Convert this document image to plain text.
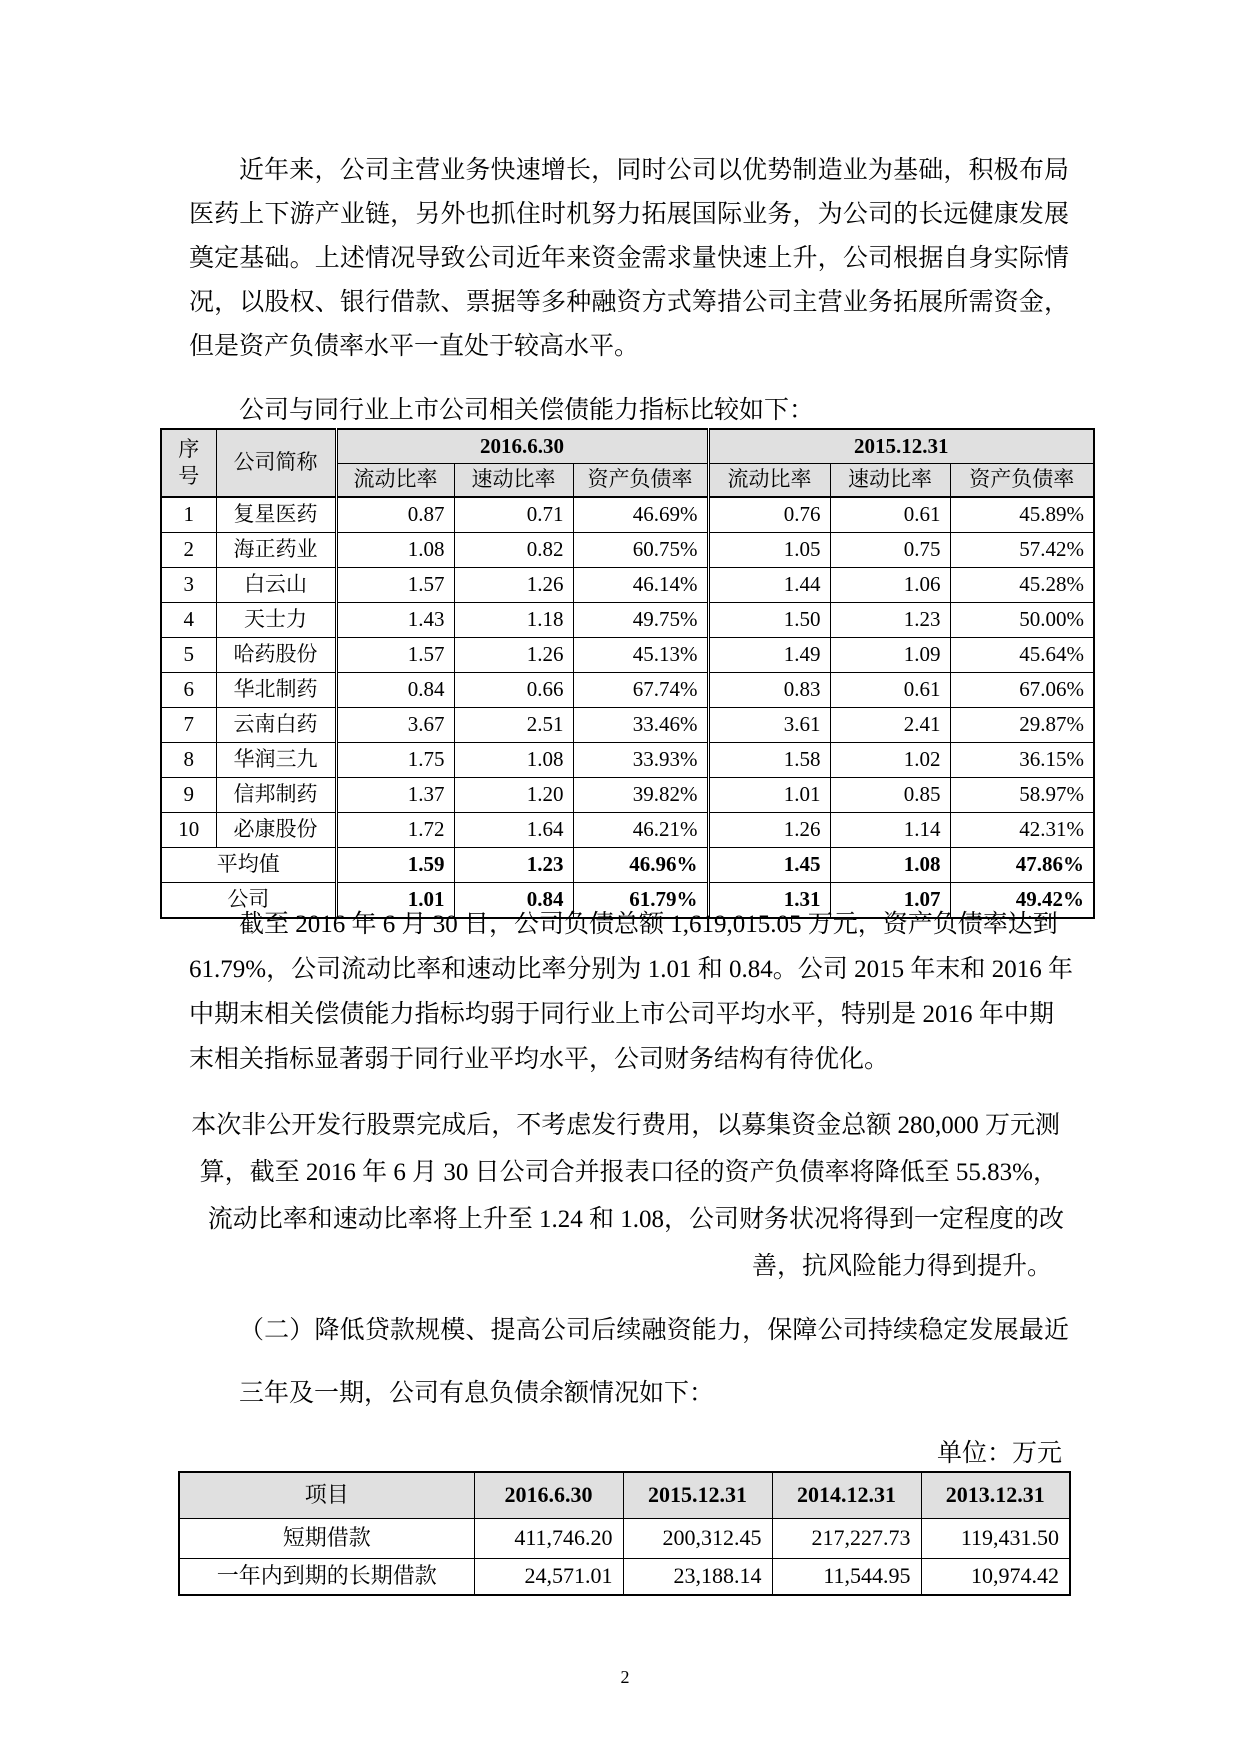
近年来，公司主营业务快速增长，同时公司以优势制造业为基础，积极布局
医药上下游产业链，另外也抓住时机努力拓展国际业务，为公司的长远健康发展
奠定基础。上述情况导致公司近年来资金需求量快速上升，公司根据自身实际情
况，以股权、银行借款、票据等多种融资方式筹措公司主营业务拓展所需资金，
但是资产负债率水平一直处于较高水平。
公司与同行业上市公司相关偿债能力指标比较如下：
序号	公司简称	2016.6.30			2015.12.31		
		流动比率	速动比率	资产负债率	流动比率	速动比率	资产负债率
1	复星医药	0.87	0.71	46.69%	0.76	0.61	45.89%
2	海正药业	1.08	0.82	60.75%	1.05	0.75	57.42%
3	白云山	1.57	1.26	46.14%	1.44	1.06	45.28%
4	天士力	1.43	1.18	49.75%	1.50	1.23	50.00%
5	哈药股份	1.57	1.26	45.13%	1.49	1.09	45.64%
6	华北制药	0.84	0.66	67.74%	0.83	0.61	67.06%
7	云南白药	3.67	2.51	33.46%	3.61	2.41	29.87%
8	华润三九	1.75	1.08	33.93%	1.58	1.02	36.15%
9	信邦制药	1.37	1.20	39.82%	1.01	0.85	58.97%
10	必康股份	1.72	1.64	46.21%	1.26	1.14	42.31%
平均值		1.59	1.23	46.96%	1.45	1.08	47.86%
公司		1.01	0.84	61.79%	1.31	1.07	49.42%
截至 2016 年 6 月 30 日，公司负债总额 1,619,015.05 万元，资产负债率达到
61.79%，公司流动比率和速动比率分别为 1.01 和 0.84。公司 2015 年末和 2016 年
中期末相关偿债能力指标均弱于同行业上市公司平均水平，特别是 2016 年中期
末相关指标显著弱于同行业平均水平，公司财务结构有待优化。
本次非公开发行股票完成后，不考虑发行费用，以募集资金总额 280,000 万元测
算，截至 2016 年 6 月 30 日公司合并报表口径的资产负债率将降低至 55.83%，
流动比率和速动比率将上升至 1.24 和 1.08，公司财务状况将得到一定程度的改
善，抗风险能力得到提升。
（二）降低贷款规模、提高公司后续融资能力，保障公司持续稳定发展最近
三年及一期，公司有息负债余额情况如下：
单位：万元
项目	2016.6.30	2015.12.31	2014.12.31	2013.12.31
短期借款	411,746.20	200,312.45	217,227.73	119,431.50
一年内到期的长期借款	24,571.01	23,188.14	11,544.95	10,974.42
2
